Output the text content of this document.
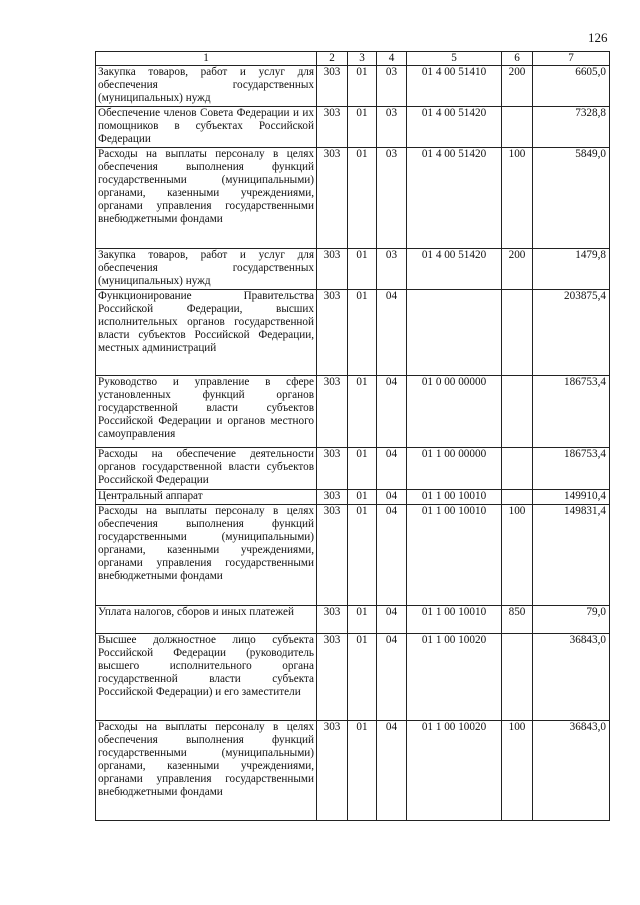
126
1	2	3	4	5	6	7
Закупка товаров, работ и услуг для обеспечения государственных (муниципальных) нужд	303	01	03	01 4 00 51410	200	6605,0
Обеспечение членов Совета Федерации и их помощников в субъектах Российской Федерации	303	01	03	01 4 00 51420		7328,8
Расходы на выплаты персоналу в целях обеспечения выполнения функций государственными (муниципальными) органами, казенными учреждениями, органами управления государственными внебюджетными фондами	303	01	03	01 4 00 51420	100	5849,0
Закупка товаров, работ и услуг для обеспечения государственных (муниципальных) нужд	303	01	03	01 4 00 51420	200	1479,8
Функционирование Правительства Российской Федерации, высших исполнительных органов государственной власти субъектов Российской Федерации, местных администраций	303	01	04			203875,4
Руководство и управление в сфере установленных функций органов государственной власти субъектов Российской Федерации и органов местного самоуправления	303	01	04	01 0 00 00000		186753,4
Расходы на обеспечение деятельности органов государственной власти субъектов Российской Федерации	303	01	04	01 1 00 00000		186753,4
Центральный аппарат	303	01	04	01 1 00 10010		149910,4
Расходы на выплаты персоналу в целях обеспечения выполнения функций государственными (муниципальными) органами, казенными учреждениями, органами управления государственными внебюджетными фондами	303	01	04	01 1 00 10010	100	149831,4
Уплата налогов, сборов и иных платежей	303	01	04	01 1 00 10010	850	79,0
Высшее должностное лицо субъекта Российской Федерации (руководитель высшего исполнительного органа государственной власти субъекта Российской Федерации) и его заместители	303	01	04	01 1 00 10020		36843,0
Расходы на выплаты персоналу в целях обеспечения выполнения функций государственными (муниципальными) органами, казенными учреждениями, органами управления государственными внебюджетными фондами	303	01	04	01 1 00 10020	100	36843,0
